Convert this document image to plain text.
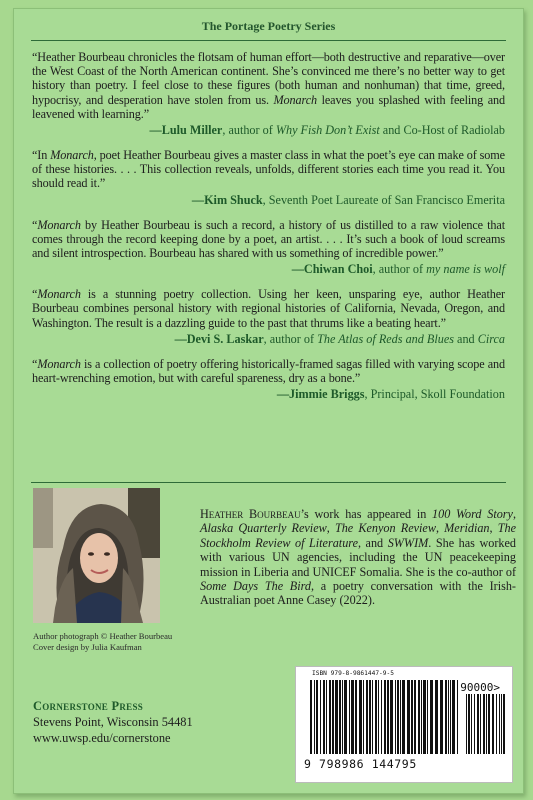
The Portage Poetry Series

“Heather Bourbeau chronicles the flotsam of human effort—both destructive and reparative—over the West Coast of the North American continent. She’s convinced me there’s no better way to get history than poetry. I feel close to these figures (both human and nonhuman) that time, greed, hypocrisy, and desperation have stolen from us. Monarch leaves you splashed with feeling and leavened with learning.”

—Lulu Miller, author of Why Fish Don’t Exist and Co-Host of Radiolab

“In Monarch, poet Heather Bourbeau gives a master class in what the poet’s eye can make of some of these histories. . . . This collection reveals, unfolds, different stories each time you read it. You should read it.”

—Kim Shuck, Seventh Poet Laureate of San Francisco Emerita

“Monarch by Heather Bourbeau is such a record, a history of us distilled to a raw violence that comes through the record keeping done by a poet, an artist. . . . It’s such a book of loud screams and silent introspection. Bourbeau has shared with us something of incredible power.”

—Chiwan Choi, author of my name is wolf

“Monarch is a stunning poetry collection. Using her keen, unsparing eye, author Heather Bourbeau combines personal history with regional histories of California, Nevada, Oregon, and Washington. The result is a dazzling guide to the past that thrums like a beating heart.”

—Devi S. Laskar, author of The Atlas of Reds and Blues and Circa

“Monarch is a collection of poetry offering historically-framed sagas filled with varying scope and heart-wrenching emotion, but with careful spareness, dry as a bone.”

—Jimmie Briggs, Principal, Skoll Foundation

Author photograph © Heather Bourbeau
Cover design by Julia Kaufman
Heather Bourbeau’s work has appeared in 100 Word Story, Alaska Quarterly Review, The Kenyon Review, Meridian, The Stockholm Review of Literature, and SWWIM. She has worked with various UN agencies, including the UN peacekeeping mission in Liberia and UNICEF Somalia. She is the co-author of Some Days The Bird, a poetry conversation with the Irish-Australian poet Anne Casey (2022).
Cornerstone Press
Stevens Point, Wisconsin 54481
www.uwsp.edu/cornerstone
ISBN 979-8-9861447-9-5
90000>
9 798986 144795
